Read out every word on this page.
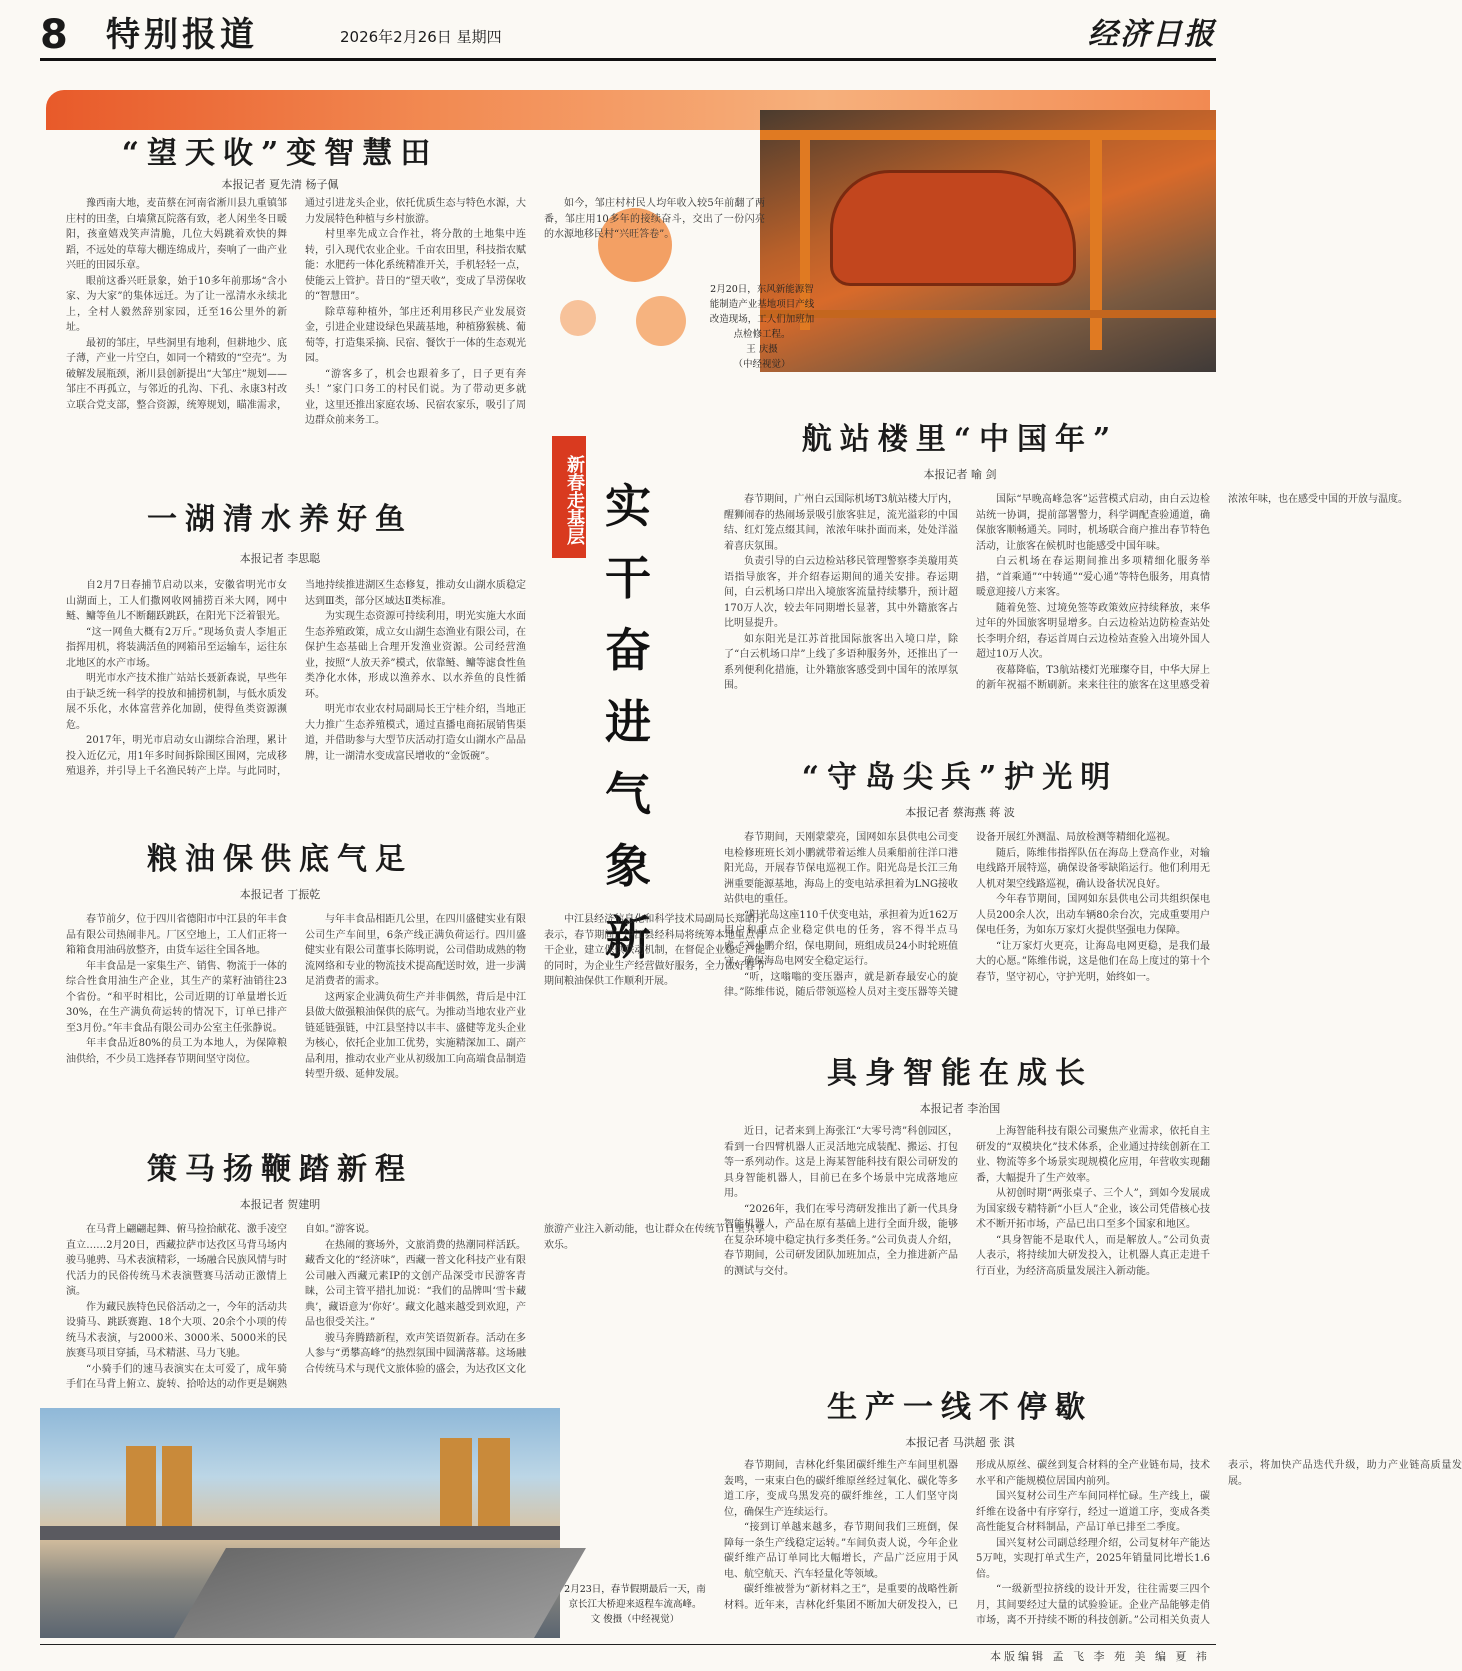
8 特别报道	2026年2月26日 星期四	经济日报
2月20日，东风新能源智能制造产业基地项目产线改造现场，工人们加班加点检修工程。
王 庆摄
（中经视觉）
新春走基层 实
干
奋
进
气
象
新
“望天收”变智慧田
本报记者 夏先清 杨子佩

豫西南大地，麦苗蔡在河南省淅川县九重镇邹庄村的田垄，白墙黛瓦院落有致，老人闲坐冬日暖阳，孩童嬉戏笑声清脆，几位大妈跳着欢快的舞蹈，不远处的草莓大棚连绵成片，奏响了一曲产业兴旺的田园乐章。

眼前这番兴旺景象，始于10多年前那场“含小家、为大家”的集体远迁。为了让一泓清水永续北上，全村人毅然辞别家园，迁至16公里外的新址。

最初的邹庄，早些洞里有地利，但耕地少、底子薄，产业一片空白，如同一个精致的“空壳”。为破解发展瓶颈，淅川县创新提出“大邹庄”规划——邹庄不再孤立，与邻近的孔沟、下孔、永康3村改立联合党支部，整合资源，统筹规划，瞄准需求，通过引进龙头企业，依托优质生态与特色水源，大力发展特色种植与乡村旅游。

村里率先成立合作社，将分散的土地集中连转，引入现代农业企业。千亩农田里，科技指农赋能：水肥药一体化系统精准开关，手机轻轻一点，使能云上管护。昔日的“望天收”，变成了旱涝保收的“智慧田”。

除草莓种植外，邹庄还利用移民产业发展资金，引进企业建设绿色果蔬基地，种植猕猴桃、葡萄等，打造集采摘、民宿、餐饮于一体的生态观光园。

“游客多了，机会也跟着多了，日子更有奔头！”家门口务工的村民们说。为了带动更多就业，这里还推出家庭农场、民宿农家乐，吸引了周边群众前来务工。

如今，邹庄村村民人均年收入较5年前翻了两番，邹庄用10多年的接续奋斗，交出了一份闪亮的水源地移民村“兴旺答卷”。

一湖清水养好鱼
本报记者 李思聪

自2月7日春捕节启动以来，安徽省明光市女山湖面上，工人们撒网收网捕捞百米大网，网中鲢、鳙等鱼儿不断翻跃跳跃，在阳光下泛着银光。

“这一网鱼大概有2万斤。”现场负责人李旭正指挥用机，将装满活鱼的网箱吊至运输车，运往东北地区的水产市场。

明光市水产技术推广站站长聂新森说，早些年由于缺乏统一科学的投放和捕捞机制，与低水质发展不乐化，水体富营养化加剧，使得鱼类资源濒危。

2017年，明光市启动女山湖综合治理，累计投入近亿元，用1年多时间拆除围区围网，完成移殖退养，并引导上千名渔民转产上岸。与此同时，当地持续推进湖区生态修复，推动女山湖水质稳定达到Ⅲ类，部分区域达Ⅱ类标准。

为实现生态资源可持续利用，明光实施大水面生态养殖政策，成立女山湖生态渔业有限公司，在保护生态基础上合理开发渔业资源。公司经营渔业，按照“人放天养”模式，依靠鲢、鳙等滤食性鱼类净化水体，形成以渔养水、以水养鱼的良性循环。

明光市农业农村局副局长王宁桂介绍，当地正大力推广生态养殖模式，通过直播电商拓展销售渠道，并借助参与大型节庆活动打造女山湖水产品品牌，让一湖清水变成富民增收的“金饭碗”。

粮油保供底气足
本报记者 丁振乾

春节前夕，位于四川省德阳市中江县的年丰食品有限公司热闹非凡。厂区空地上，工人们正将一箱箱食用油码放整齐，由货车运往全国各地。

年丰食品是一家集生产、销售、物流于一体的综合性食用油生产企业，其生产的菜籽油销往23个省份。“和平时相比，公司近期的订单量增长近30%，在生产满负荷运转的情况下，订单已排产至3月份。”年丰食品有限公司办公室主任张静说。

年丰食品近80%的员工为本地人，为保障粮油供给，不少员工选择春节期间坚守岗位。

与年丰食品相距几公里，在四川盛健实业有限公司生产车间里，6条产线正满负荷运行。四川盛健实业有限公司董事长陈明说，公司借助成熟的物流网络和专业的物流技术提高配送时效，进一步满足消费者的需求。

这两家企业满负荷生产并非偶然，背后是中江县做大做强粮油保供的底气。为推动当地农业产业链延链强链，中江县坚持以丰丰、盛健等龙头企业为核心，依托企业加工优势，实施精深加工、副产品利用，推动农业产业从初级加工向高端食品制造转型升级、延伸发展。

中江县经济信息化和科学技术局副局长郑皓月表示，春节期间，中江县经科局将统筹本地重点骨干企业，建立保供联动机制，在督促企业稳定产能的同时，为企业生产经营做好服务，全力做好春节期间粮油保供工作顺利开展。

策马扬鞭踏新程
本报记者 贺建明

在马背上翩翩起舞、俯马捡拾献花、激手凌空直立……2月20日，西藏拉萨市达孜区马背马场内骏马驰骋、马术表演精彩，一场融合民族风情与时代活力的民俗传统马术表演暨赛马活动正激情上演。

作为藏民族特色民俗活动之一，今年的活动共设骑马、跳跃赛跑、18个大项、20余个小项的传统马术表演，与2000米、3000米、5000米的民族赛马项目穿插，马术精湛、马力飞驰。

“小骑手们的速马表演实在太可爱了，成年骑手们在马背上俯立、旋转、拾哈达的动作更是娴熟自如。”游客说。

在热闹的赛场外，文旅消费的热潮同样活跃。藏香文化的“经济味”，西藏一普文化科技产业有限公司融入西藏元素IP的文创产品深受市民游客青睐，公司主管平措扎加说：“我们的品牌叫‘雪卡藏典’，藏语意为‘你好’。藏文化越来越受到欢迎，产品也很受关注。”

骏马奔腾踏新程，欢声笑语贺新春。活动在多人参与“勇攀高峰”的热烈氛围中圆满落幕。这场融合传统马术与现代文旅体验的盛会，为达孜区文化旅游产业注入新动能，也让群众在传统节日里共享欢乐。

航站楼里“中国年”
本报记者 喻 剑

春节期间，广州白云国际机场T3航站楼大厅内，醒狮闹春的热闹场景吸引旅客驻足，流光溢彩的中国结、红灯笼点缀其间，浓浓年味扑面而来，处处洋溢着喜庆氛围。

负责引导的白云边检站移民管理警察李美璇用英语指导旅客，并介绍春运期间的通关安排。春运期间，白云机场口岸出入境旅客流量持续攀升，预计超170万人次，较去年同期增长显著，其中外籍旅客占比明显提升。

如东阳光是江苏首批国际旅客出入境口岸，除了“白云机场口岸”上线了多语种服务外，还推出了一系列便利化措施，让外籍旅客感受到中国年的浓厚氛围。

国际“早晚高峰急客”运营模式启动，由白云边检站统一协调，提前部署警力，科学调配查验通道，确保旅客顺畅通关。同时，机场联合商户推出春节特色活动，让旅客在候机时也能感受中国年味。

白云机场在春运期间推出多项精细化服务举措，“首乘通”“中转通”“爱心通”等特色服务，用真情暖意迎接八方来客。

随着免签、过境免签等政策效应持续释放，来华过年的外国旅客明显增多。白云边检站边防检查站处长李明介绍，春运首周白云边检站查验入出境外国人超过10万人次。

夜幕降临，T3航站楼灯光璀璨夺目，中华大屏上的新年祝福不断刷新。来来往往的旅客在这里感受着浓浓年味，也在感受中国的开放与温度。

“守岛尖兵”护光明
本报记者 蔡海燕 蒋 波

春节期间，天刚蒙蒙亮，国网如东县供电公司变电检修班班长刘小鹏就带着运维人员乘船前往洋口港阳光岛，开展春节保电巡视工作。阳光岛是长江三角洲重要能源基地，海岛上的变电站承担着为LNG接收站供电的重任。

“阳光岛这座110千伏变电站，承担着为近162万用户和重点企业稳定供电的任务，容不得半点马虎。”刘小鹏介绍，保电期间，班组成员24小时轮班值守，确保海岛电网安全稳定运行。

“听，这嗡嗡的变压器声，就是新春最安心的旋律。”陈维伟说，随后带领巡检人员对主变压器等关键设备开展红外测温、局放检测等精细化巡视。

随后，陈维伟指挥队伍在海岛上登高作业，对输电线路开展特巡，确保设备零缺陷运行。他们利用无人机对架空线路巡视，确认设备状况良好。

今年春节期间，国网如东县供电公司共组织保电人员200余人次，出动车辆80余台次，完成重要用户保电任务，为如东万家灯火提供坚强电力保障。

“让万家灯火更亮，让海岛电网更稳，是我们最大的心愿。”陈维伟说，这是他们在岛上度过的第十个春节，坚守初心，守护光明，始终如一。

具身智能在成长
本报记者 李治国

近日，记者来到上海张江“大零号湾”科创园区，看到一台四臂机器人正灵活地完成装配、搬运、打包等一系列动作。这是上海某智能科技有限公司研发的具身智能机器人，目前已在多个场景中完成落地应用。

“2026年，我们在零号湾研发推出了新一代具身智能机器人，产品在原有基础上进行全面升级，能够在复杂环境中稳定执行多类任务。”公司负责人介绍，春节期间，公司研发团队加班加点，全力推进新产品的测试与交付。

上海智能科技有限公司聚焦产业需求，依托自主研发的“双模块化”技术体系，企业通过持续创新在工业、物流等多个场景实现规模化应用，年营收实现翻番，大幅提升了生产效率。

从初创时期“两张桌子、三个人”，到如今发展成为国家级专精特新“小巨人”企业，该公司凭借核心技术不断开拓市场，产品已出口至多个国家和地区。

“具身智能不是取代人，而是解放人。”公司负责人表示，将持续加大研发投入，让机器人真正走进千行百业，为经济高质量发展注入新动能。

生产一线不停歇
本报记者 马洪超 张 淇

春节期间，吉林化纤集团碳纤维生产车间里机器轰鸣，一束束白色的碳纤维原丝经过氧化、碳化等多道工序，变成乌黑发亮的碳纤维丝，工人们坚守岗位，确保生产连续运行。

“接到订单越来越多，春节期间我们三班倒，保障每一条生产线稳定运转。”车间负责人说，今年企业碳纤维产品订单同比大幅增长，产品广泛应用于风电、航空航天、汽车轻量化等领域。

碳纤维被誉为“新材料之王”，是重要的战略性新材料。近年来，吉林化纤集团不断加大研发投入，已形成从原丝、碳丝到复合材料的全产业链布局，技术水平和产能规模位居国内前列。

国兴复材公司生产车间同样忙碌。生产线上，碳纤维在设备中有序穿行，经过一道道工序，变成各类高性能复合材料制品，产品订单已排至二季度。

国兴复材公司副总经理介绍，公司复材年产能达5万吨，实现打单式生产，2025年销量同比增长1.6倍。

“一级新型拉挤线的设计开发，往往需要三四个月，其间要经过大量的试验验证。企业产品能够走俏市场，离不开持续不断的科技创新。”公司相关负责人表示，将加快产品迭代升级，助力产业链高质量发展。

2月23日，春节假期最后一天，南京长江大桥迎来返程车流高峰。
文 俊摄（中经视觉）
本版编辑 孟 飞 李 苑 美 编 夏 祎
